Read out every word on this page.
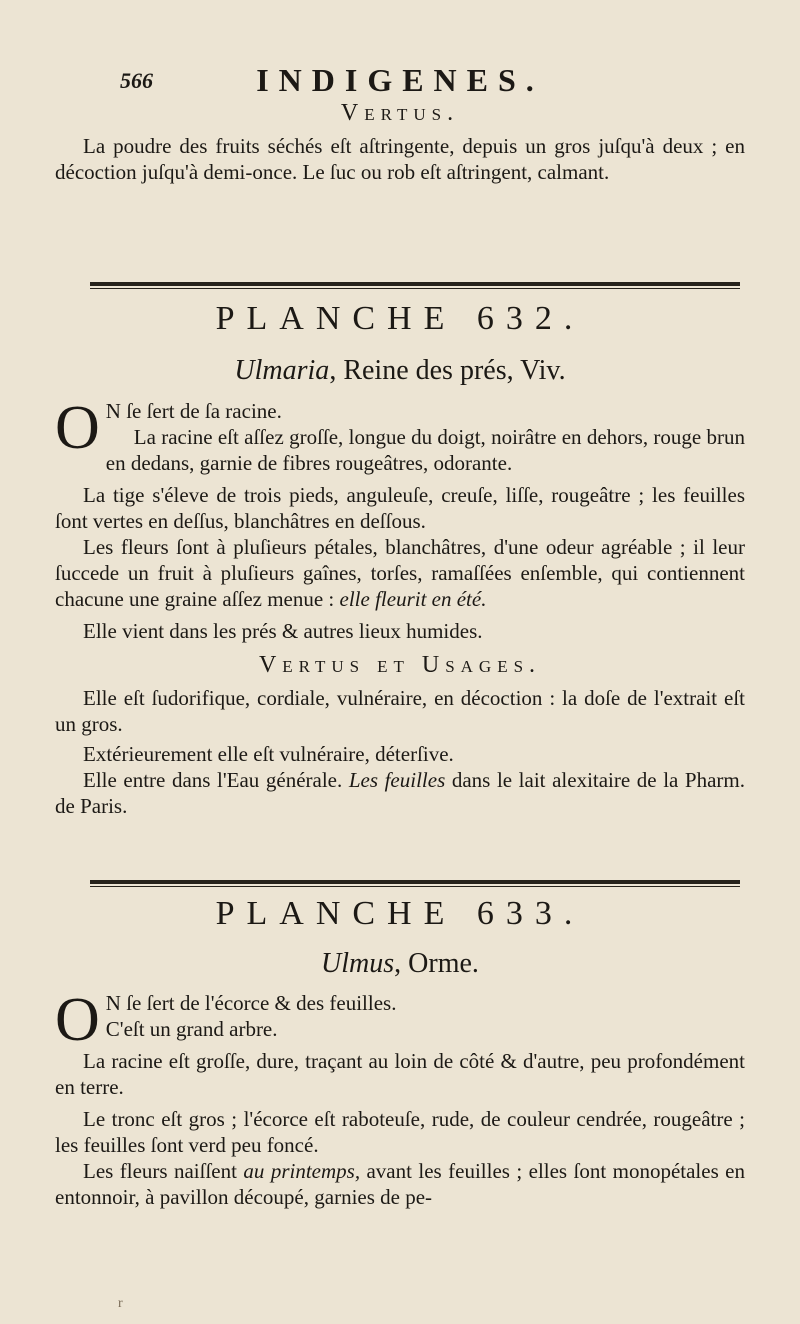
566	INDIGENES.
Vertus.

La poudre des fruits séchés eſt aſtringente, depuis un gros juſqu'à deux ; en décoction juſqu'à demi-once. Le ſuc ou rob eſt aſtringent, calmant.

PLANCHE 632.
Ulmaria, Reine des prés, Viv.

O N ſe ſert de ſa racine.

La racine eſt aſſez groſſe, longue du doigt, noirâtre en dehors, rouge brun en dedans, garnie de fibres rougeâtres, odorante.

La tige s'éleve de trois pieds, anguleuſe, creuſe, liſſe, rougeâtre ; les feuilles ſont vertes en deſſus, blanchâtres en deſſous.

Les fleurs ſont à pluſieurs pétales, blanchâtres, d'une odeur agréable ; il leur ſuccede un fruit à pluſieurs gaînes, torſes, ramaſſées enſemble, qui contiennent chacune une graine aſſez menue : elle fleurit en été.

Elle vient dans les prés & autres lieux humides.

Vertus et Usages.

Elle eſt ſudorifique, cordiale, vulnéraire, en décoction : la doſe de l'extrait eſt un gros.

Extérieurement elle eſt vulnéraire, déterſive.

Elle entre dans l'Eau générale. Les feuilles dans le lait alexitaire de la Pharm. de Paris.

PLANCHE 633.
Ulmus, Orme.

O N ſe ſert de l'écorce & des feuilles.
C'eſt un grand arbre.

La racine eſt groſſe, dure, traçant au loin de côté & d'autre, peu profondément en terre.

Le tronc eſt gros ; l'écorce eſt raboteuſe, rude, de couleur cendrée, rougeâtre ; les feuilles ſont verd peu foncé.

Les fleurs naiſſent au printemps, avant les feuilles ; elles ſont monopétales en entonnoir, à pavillon découpé, garnies de pe-

r
